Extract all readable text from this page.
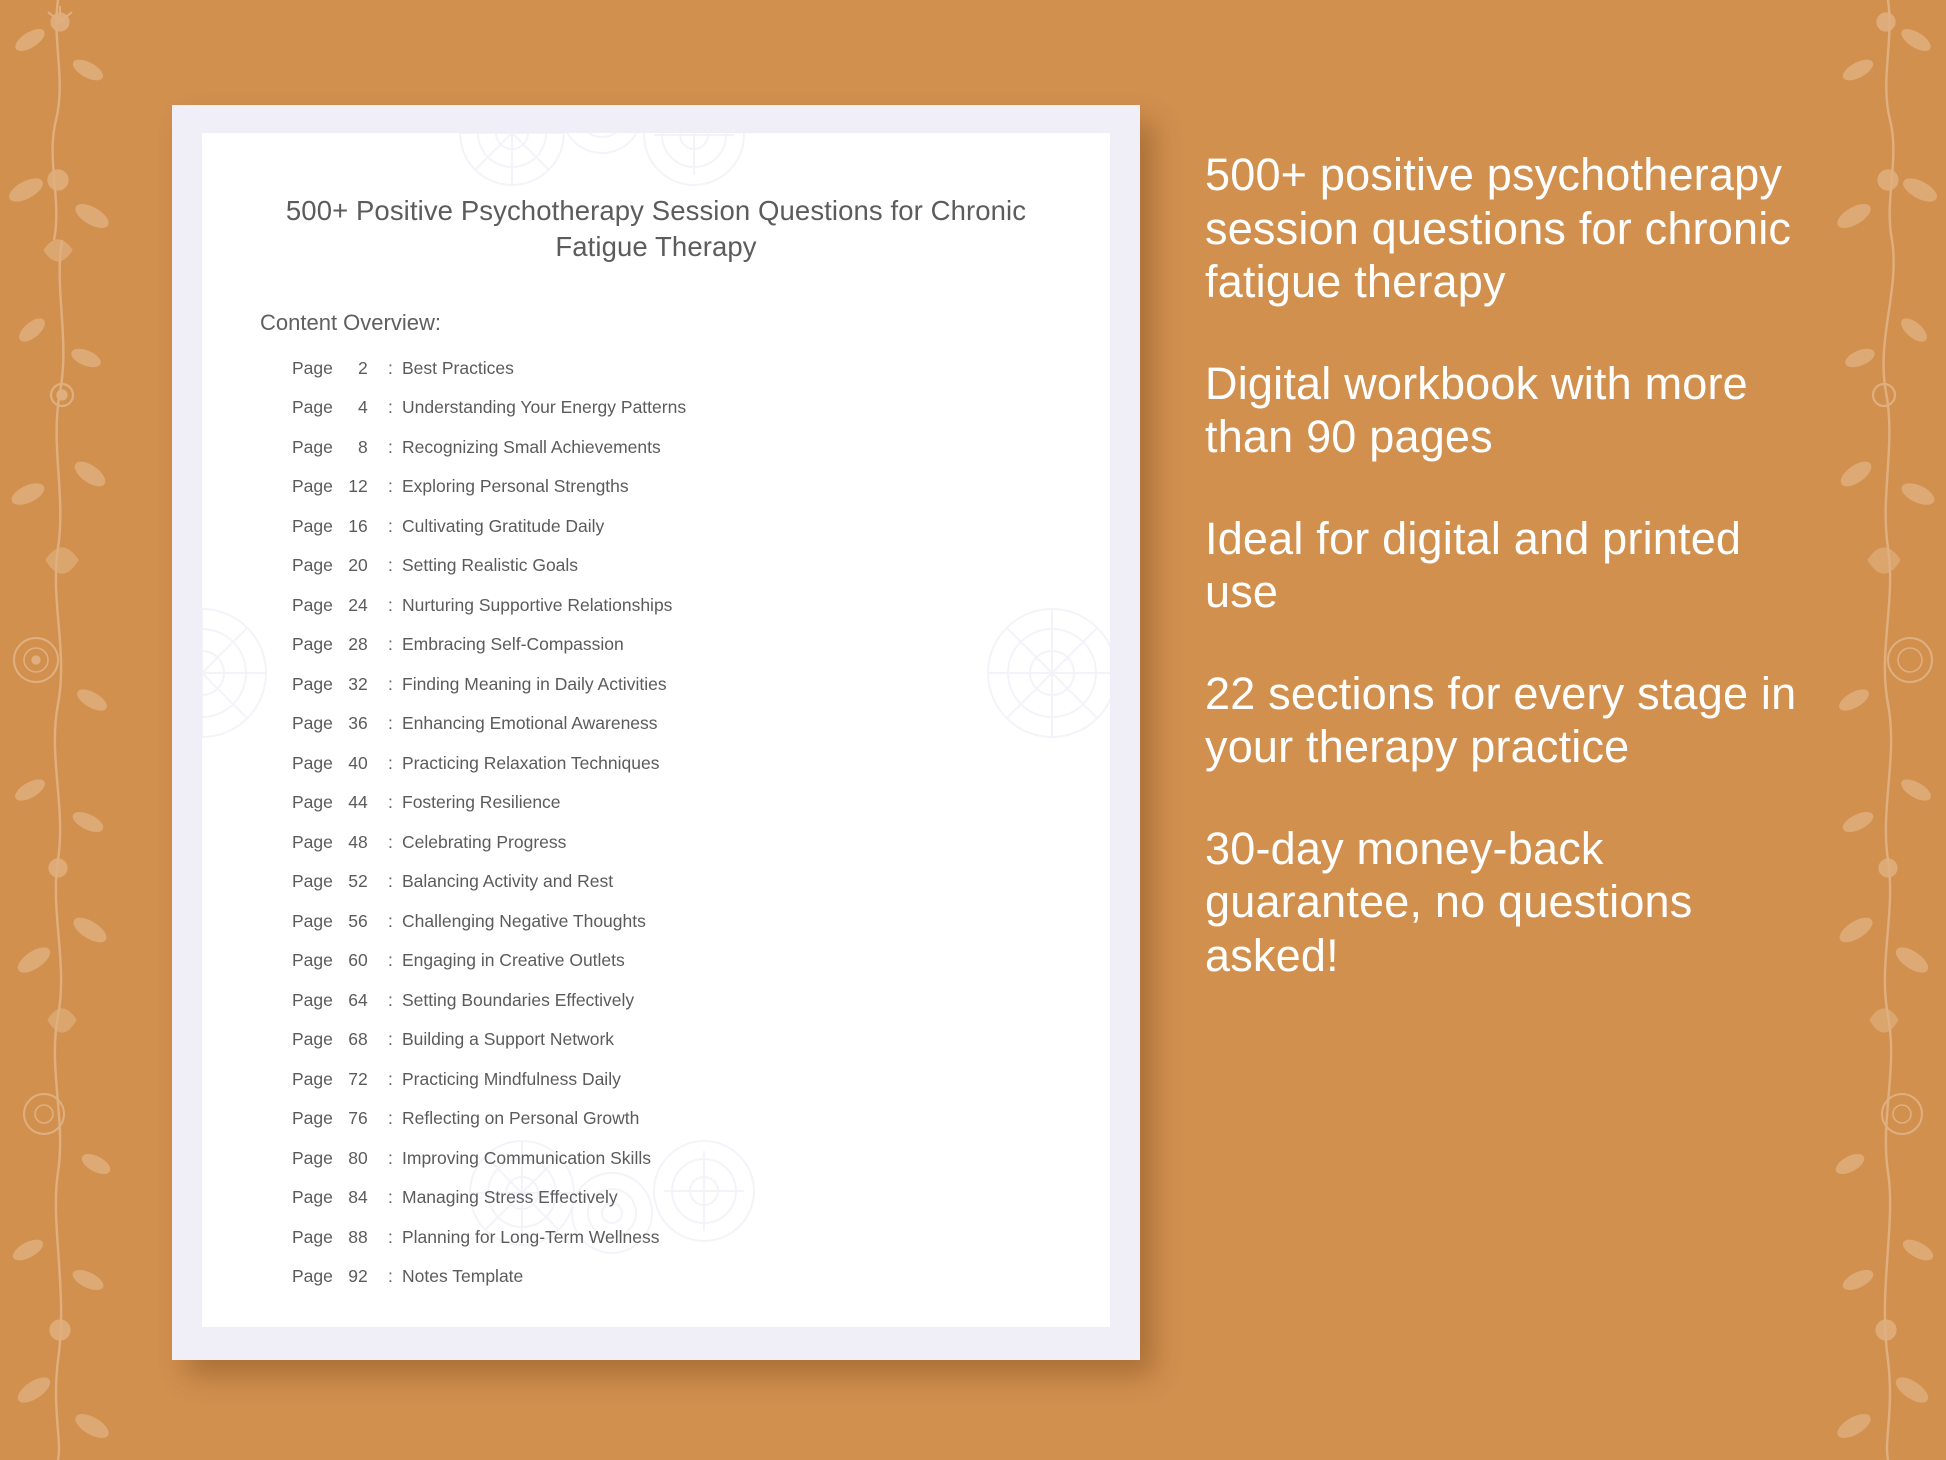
500+ Positive Psychotherapy Session Questions for Chronic Fatigue Therapy
Content Overview:
Page 2	: Best Practices
Page 4	: Understanding Your Energy Patterns
Page 8	: Recognizing Small Achievements
Page 12	: Exploring Personal Strengths
Page 16	: Cultivating Gratitude Daily
Page 20	: Setting Realistic Goals
Page 24	: Nurturing Supportive Relationships
Page 28	: Embracing Self-Compassion
Page 32	: Finding Meaning in Daily Activities
Page 36	: Enhancing Emotional Awareness
Page 40	: Practicing Relaxation Techniques
Page 44	: Fostering Resilience
Page 48	: Celebrating Progress
Page 52	: Balancing Activity and Rest
Page 56	: Challenging Negative Thoughts
Page 60	: Engaging in Creative Outlets
Page 64	: Setting Boundaries Effectively
Page 68	: Building a Support Network
Page 72	: Practicing Mindfulness Daily
Page 76	: Reflecting on Personal Growth
Page 80	: Improving Communication Skills
Page 84	: Managing Stress Effectively
Page 88	: Planning for Long-Term Wellness
Page 92	: Notes Template
500+ positive psychotherapy session questions for chronic fatigue therapy
Digital workbook with more than 90 pages
Ideal for digital and printed use
22 sections for every stage in your therapy practice
30-day money-back guarantee, no questions asked!
